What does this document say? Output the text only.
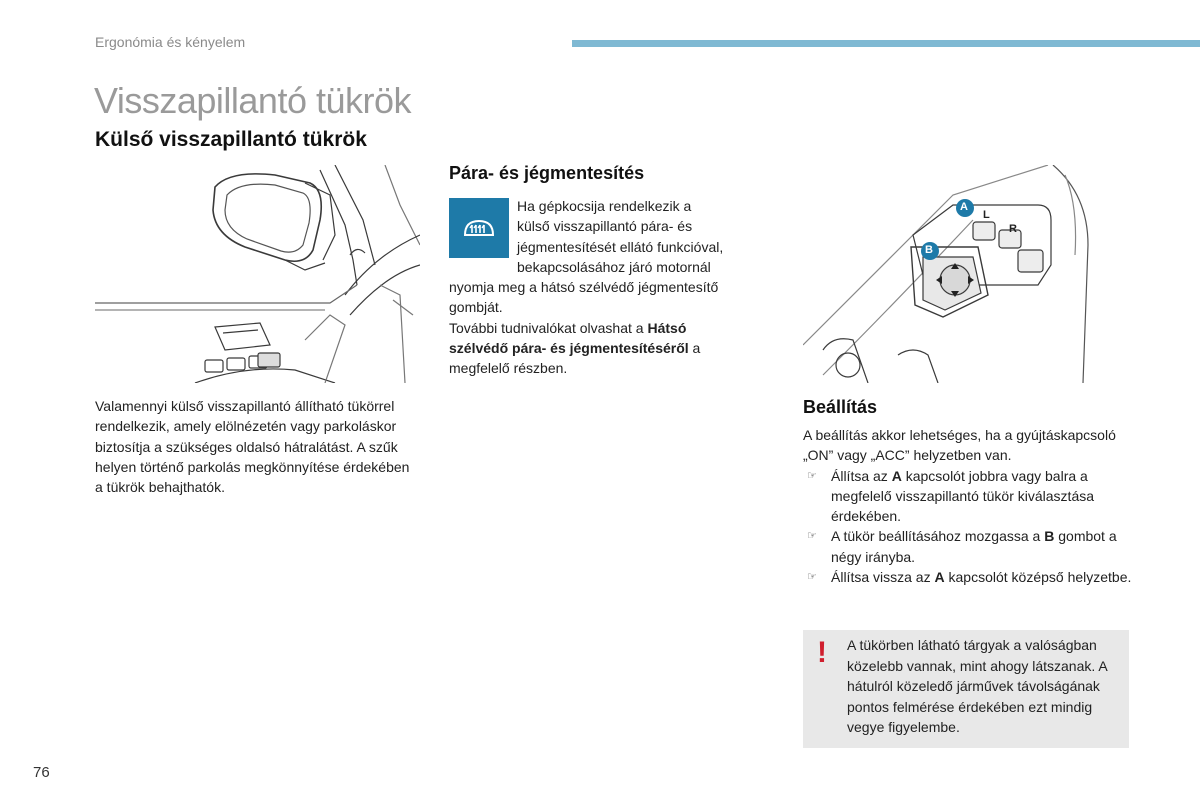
Ergonómia és kényelem
Visszapillantó tükrök
Külső visszapillantó tükrök
A
B
L
R

Valamennyi külső visszapillantó állítható tükörrel rendelkezik, amely elölnézetén vagy parkoláskor biztosítja a szükséges oldalsó hátralátást. A szűk helyen történő parkolás megkönnyítése érdekében a tükrök behajthatók.

Pára- és jégmentesítés
Ha gépkocsija rendelkezik a
külső visszapillantó pára- és
jégmentesítését ellátó funkcióval,
bekapcsolásához járó motornál
nyomja meg a hátsó szélvédő jégmentesítő gombját.
További tudnivalókat olvashat a Hátsó szélvédő pára- és jégmentesítéséről a megfelelő részben.
Beállítás

A beállítás akkor lehetséges, ha a gyújtáskapcsoló „ON” vagy „ACC” helyzetben van.

☞ Állítsa az A kapcsolót jobbra vagy balra a megfelelő visszapillantó tükör kiválasztása érdekében.

☞ A tükör beállításához mozgassa a B gombot a négy irányba.

☞ Állítsa vissza az A kapcsolót középső helyzetbe.

! A tükörben látható tárgyak a valóságban közelebb vannak, mint ahogy látszanak. A hátulról közeledő járművek távolságának pontos felmérése érdekében ezt mindig vegye figyelembe.

76
